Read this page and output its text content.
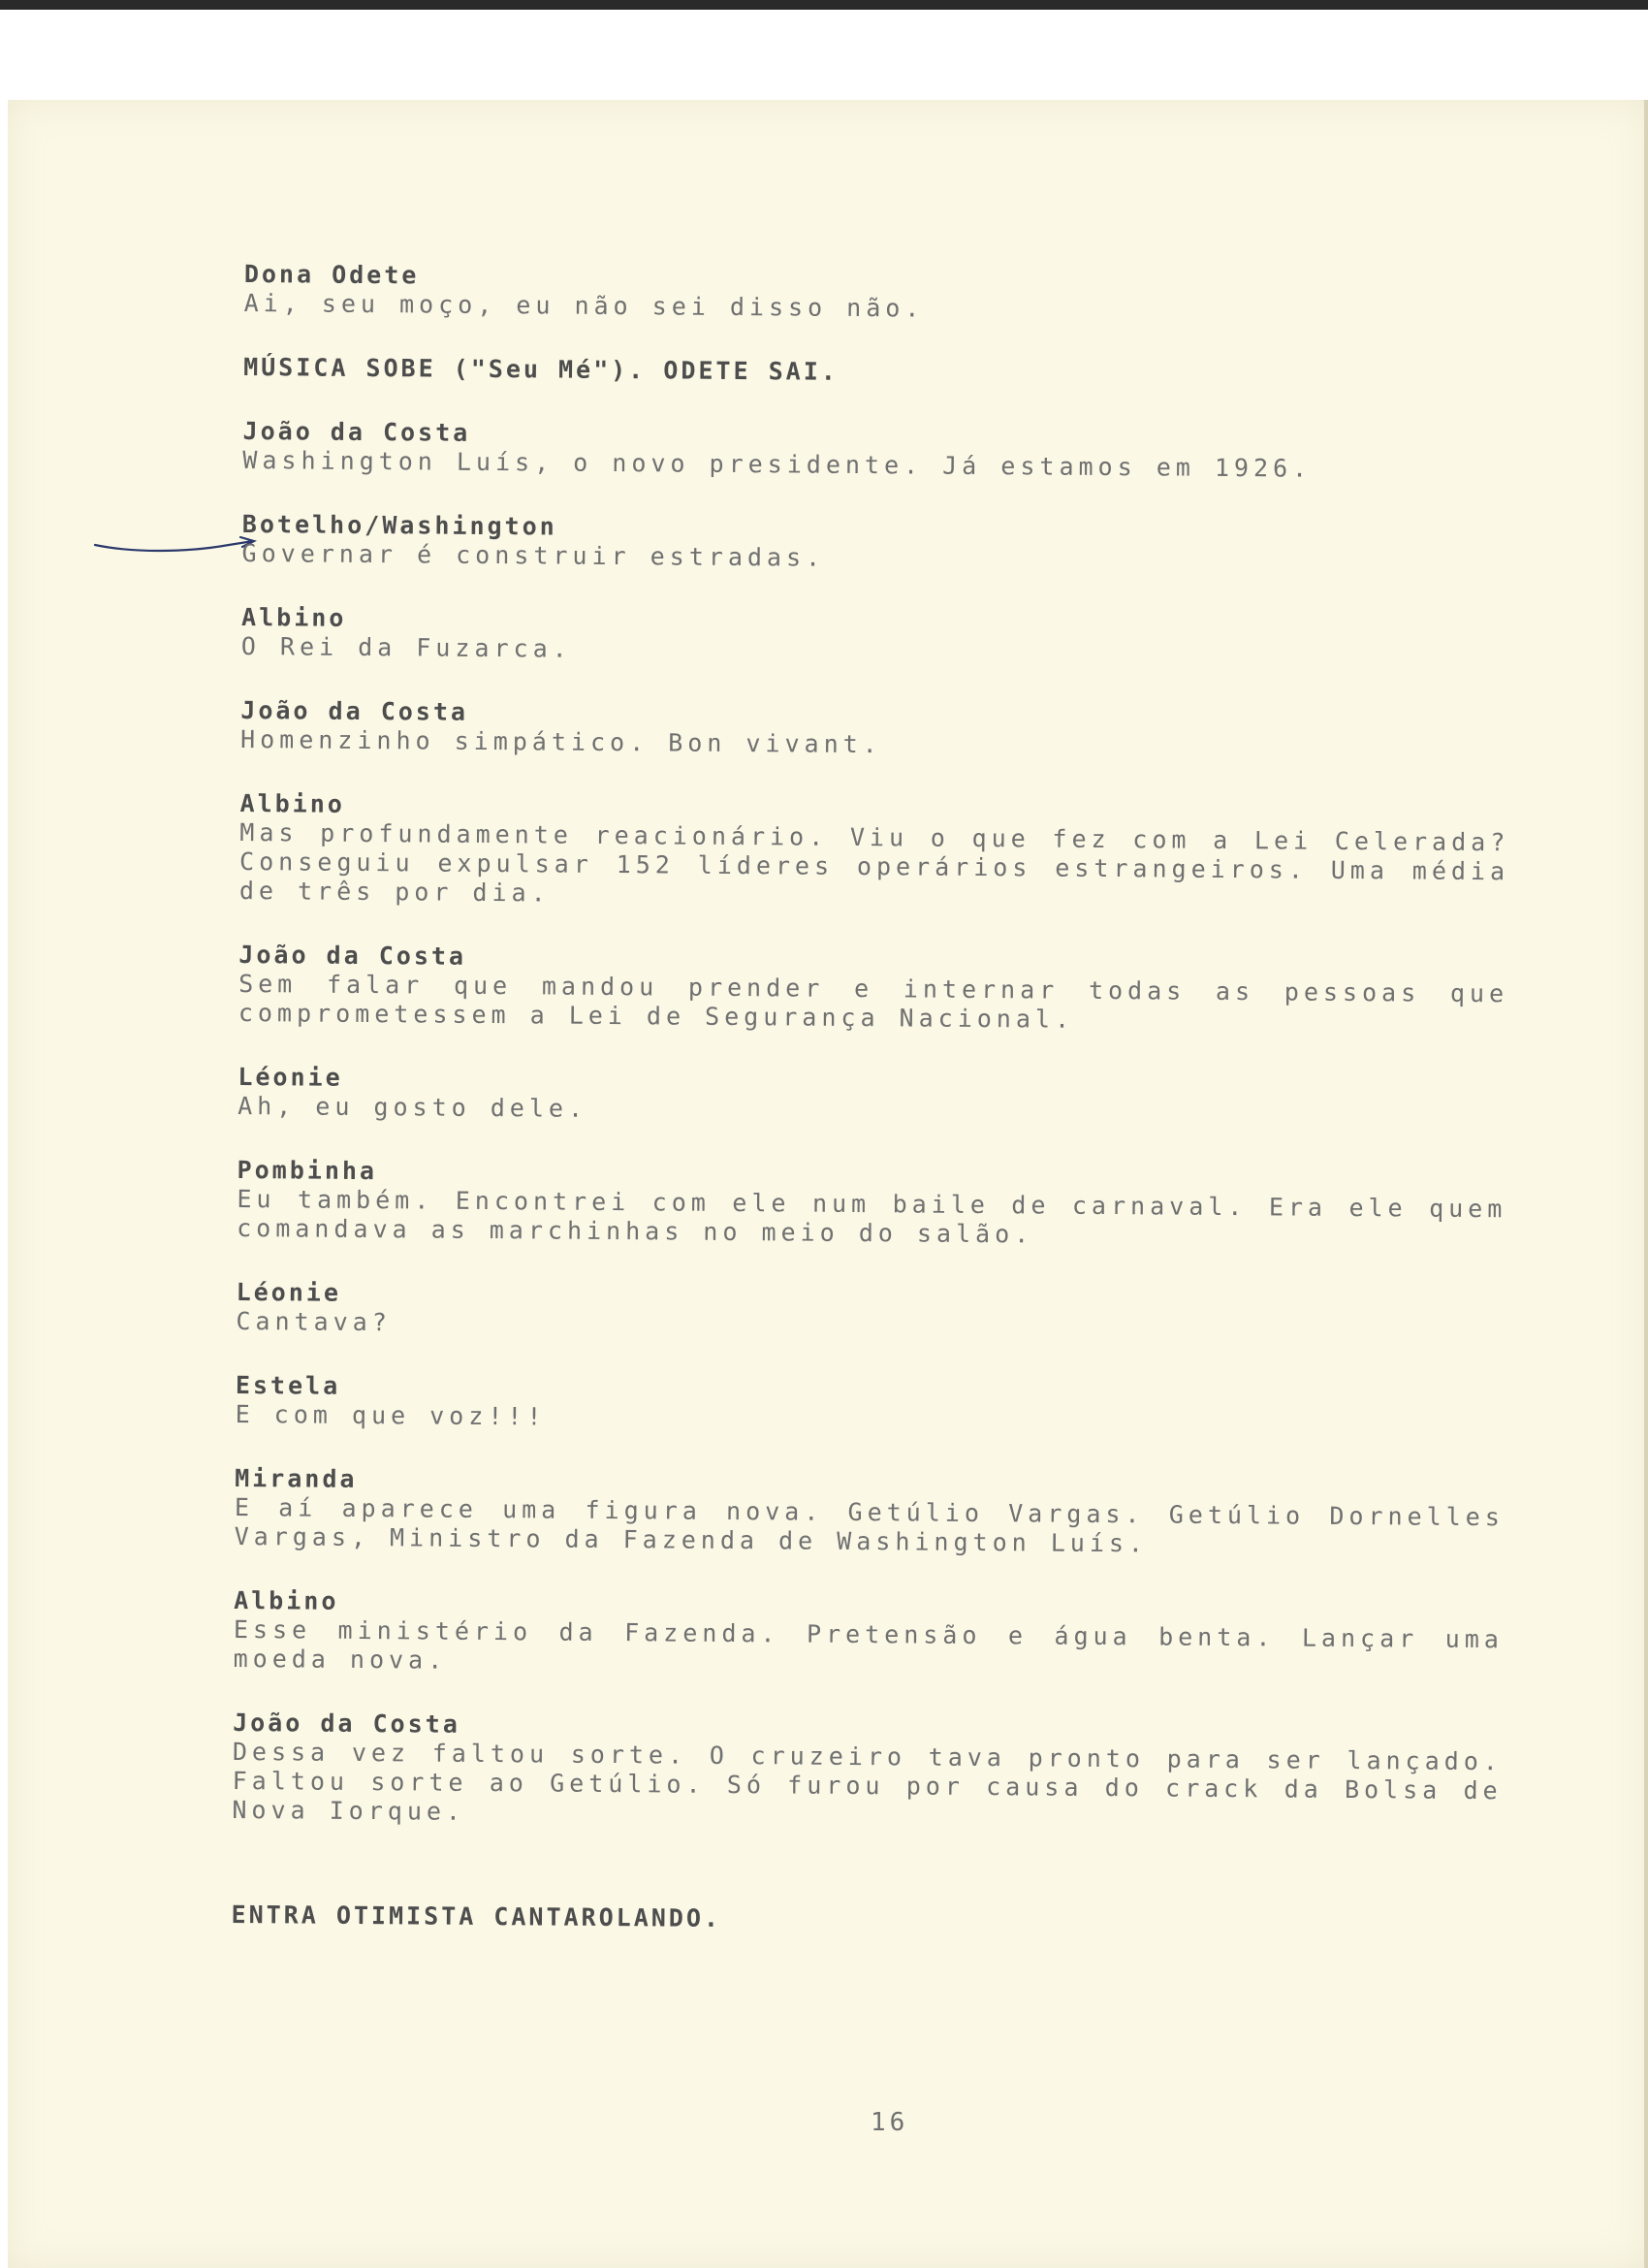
Dona Odete
Ai, seu moço, eu não sei disso não.
MÚSICA SOBE ("Seu Mé"). ODETE SAI.
João da Costa
Washington Luís, o novo presidente. Já estamos em 1926.
Botelho/Washington
Governar é construir estradas.
Albino
O Rei da Fuzarca.
João da Costa
Homenzinho simpático. Bon vivant.
Albino
Mas profundamente reacionário. Viu o que fez com a Lei Celerada? Conseguiu expulsar 152 líderes operários estrangeiros. Uma média de três por dia.
João da Costa
Sem falar que mandou prender e internar todas as pessoas que comprometessem a Lei de Segurança Nacional.
Léonie
Ah, eu gosto dele.
Pombinha
Eu também. Encontrei com ele num baile de carnaval. Era ele quem comandava as marchinhas no meio do salão.
Léonie
Cantava?
Estela
E com que voz!!!
Miranda
E aí aparece uma figura nova. Getúlio Vargas. Getúlio Dornelles Vargas, Ministro da Fazenda de Washington Luís.
Albino
Esse ministério da Fazenda. Pretensão e água benta. Lançar uma moeda nova.
João da Costa
Dessa vez faltou sorte. O cruzeiro tava pronto para ser lançado. Faltou sorte ao Getúlio. Só furou por causa do crack da Bolsa de Nova Iorque.
ENTRA OTIMISTA CANTAROLANDO.
16
